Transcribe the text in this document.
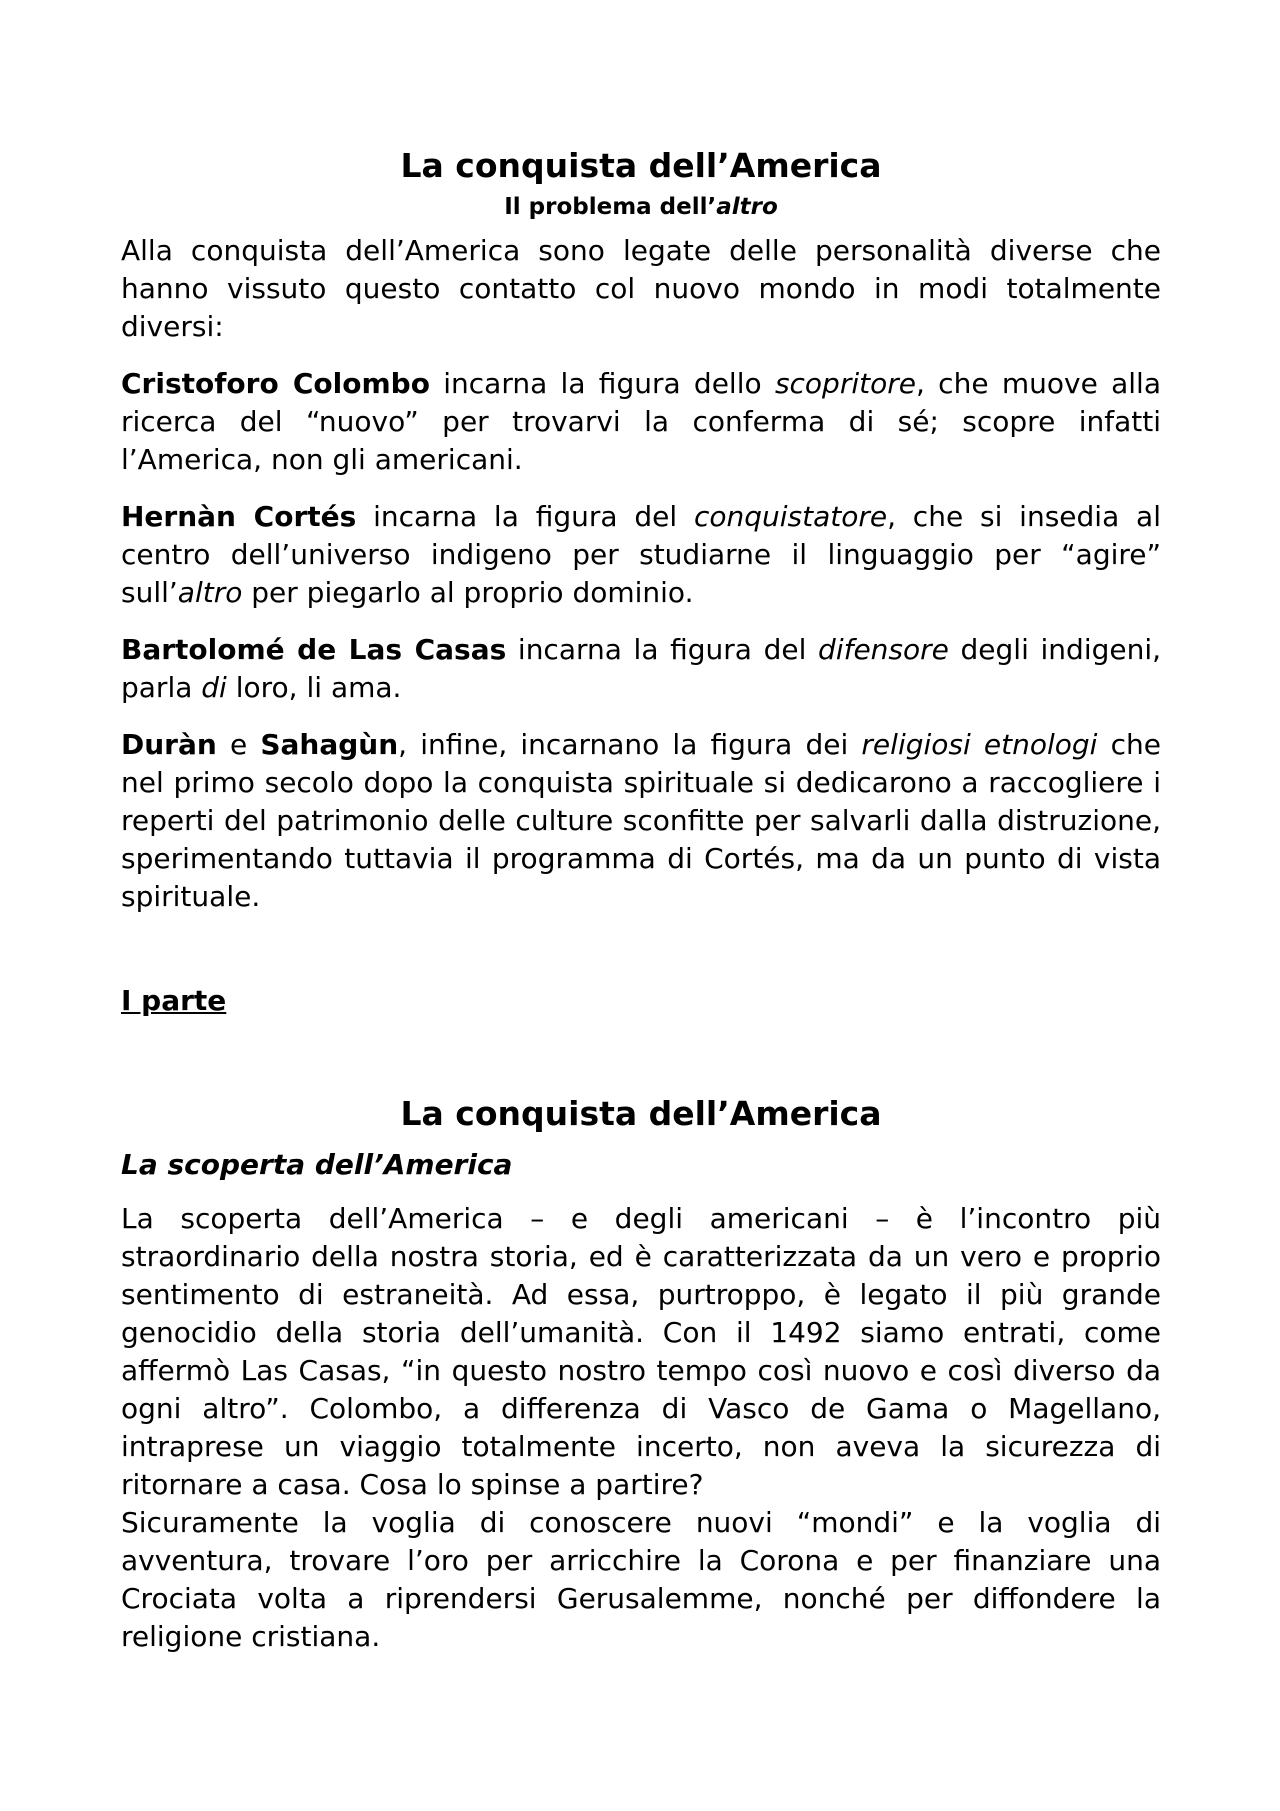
La conquista dell’America
Il problema dell’altro

Alla conquista dell’America sono legate delle personalità diverse che hanno vissuto questo contatto col nuovo mondo in modi totalmente diversi:

Cristoforo Colombo incarna la figura dello scopritore, che muove alla ricerca del “nuovo” per trovarvi la conferma di sé; scopre infatti l’America, non gli americani.

Hernàn Cortés incarna la figura del conquistatore, che si insedia al centro dell’universo indigeno per studiarne il linguaggio per “agire” sull’altro per piegarlo al proprio dominio.

Bartolomé de Las Casas incarna la figura del difensore degli indigeni, parla di loro, li ama.

Duràn e Sahagùn, infine, incarnano la figura dei religiosi etnologi che nel primo secolo dopo la conquista spirituale si dedicarono a raccogliere i reperti del patrimonio delle culture sconfitte per salvarli dalla distruzione, sperimentando tuttavia il programma di Cortés, ma da un punto di vista spirituale.

I parte
La conquista dell’America
La scoperta dell’America

La scoperta dell’America – e degli americani – è l’incontro più straordinario della nostra storia, ed è caratterizzata da un vero e proprio sentimento di estraneità. Ad essa, purtroppo, è legato il più grande genocidio della storia dell’umanità. Con il 1492 siamo entrati, come affermò Las Casas, “in questo nostro tempo così nuovo e così diverso da ogni altro”. Colombo, a differenza di Vasco de Gama o Magellano, intraprese un viaggio totalmente incerto, non aveva la sicurezza di ritornare a casa. Cosa lo spinse a partire?

Sicuramente la voglia di conoscere nuovi “mondi” e la voglia di avventura, trovare l’oro per arricchire la Corona e per finanziare una Crociata volta a riprendersi Gerusalemme, nonché per diffondere la religione cristiana.
